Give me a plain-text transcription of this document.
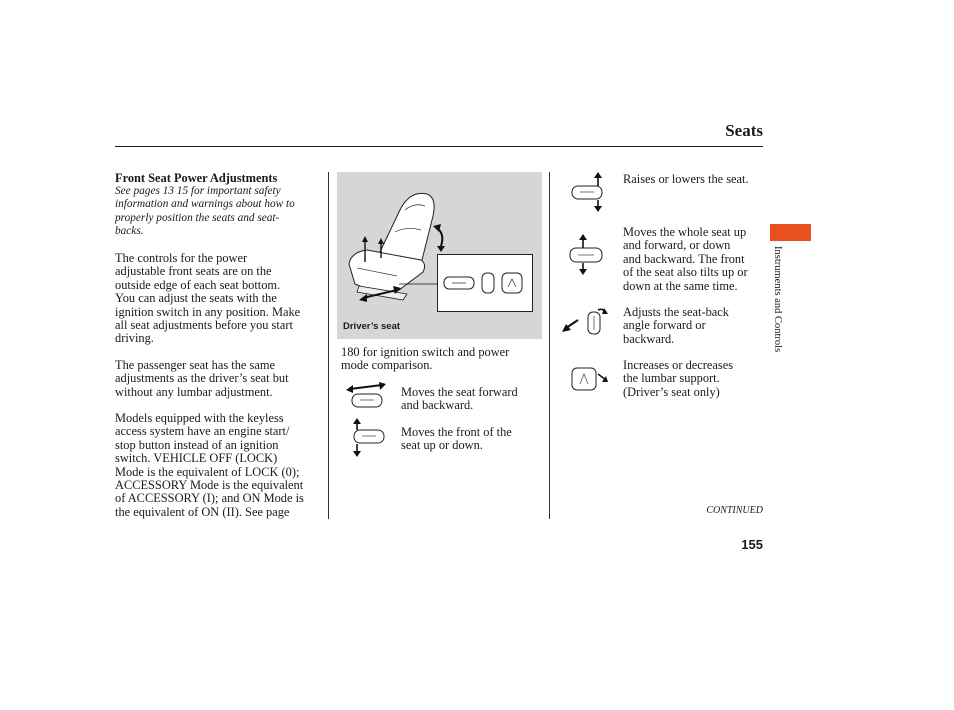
Seats
Instruments and Controls
Front Seat Power Adjustments
See pages 13 15 for important safety
information and warnings about how to
properly position the seats and seat-
backs.
The controls for the power
adjustable front seats are on the
outside edge of each seat bottom.
You can adjust the seats with the
ignition switch in any position. Make
all seat adjustments before you start
driving.
The passenger seat has the same
adjustments as the driver’s seat but
without any lumbar adjustment.
Models equipped with the keyless
access system have an engine start/
stop button instead of an ignition
switch. VEHICLE OFF (LOCK)
Mode is the equivalent of LOCK (0);
ACCESSORY Mode is the equivalent
of ACCESSORY (I); and ON Mode is
the equivalent of ON (II). See page
Driver’s seat
180 for ignition switch and power
mode comparison.
Moves the seat forward
and backward.
Moves the front of the
seat up or down.
Raises or lowers the seat.
Moves the whole seat up
and forward, or down
and backward. The front
of the seat also tilts up or
down at the same time.
Adjusts the seat-back
angle forward or
backward.
Increases or decreases
the lumbar support.
(Driver’s seat only)
CONTINUED
155
